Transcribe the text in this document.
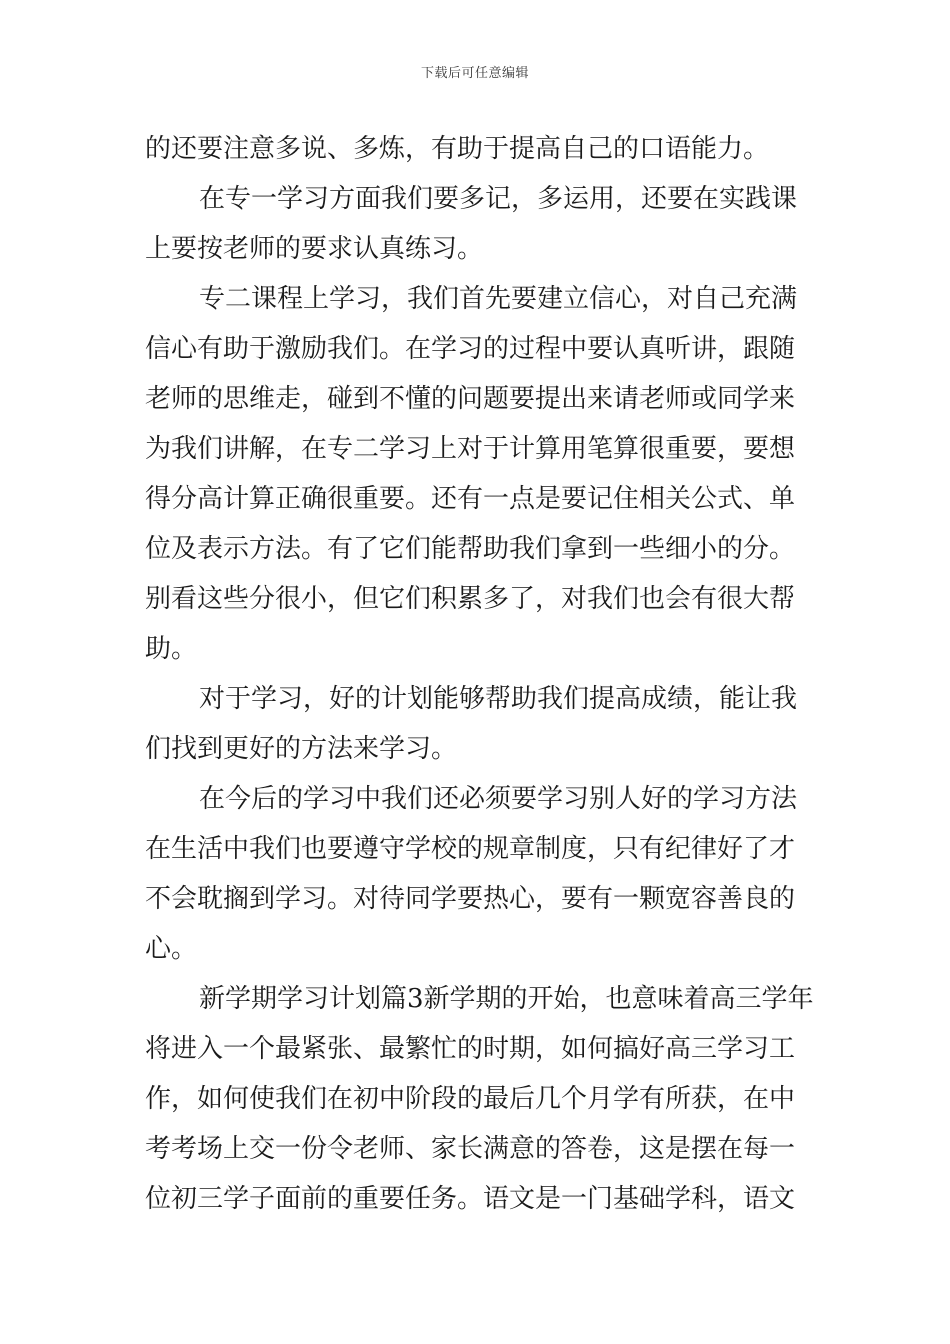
下载后可任意编辑
的还要注意多说、多炼，有助于提高自己的口语能力。
在专一学习方面我们要多记，多运用，还要在实践课
上要按老师的要求认真练习。
专二课程上学习，我们首先要建立信心，对自己充满
信心有助于激励我们。在学习的过程中要认真听讲，跟随
老师的思维走，碰到不懂的问题要提出来请老师或同学来
为我们讲解，在专二学习上对于计算用笔算很重要，要想
得分高计算正确很重要。还有一点是要记住相关公式、单
位及表示方法。有了它们能帮助我们拿到一些细小的分。
别看这些分很小，但它们积累多了，对我们也会有很大帮
助。
对于学习，好的计划能够帮助我们提高成绩，能让我
们找到更好的方法来学习。
在今后的学习中我们还必须要学习别人好的学习方法
在生活中我们也要遵守学校的规章制度，只有纪律好了才
不会耽搁到学习。对待同学要热心，要有一颗宽容善良的
心。
新学期学习计划篇3新学期的开始，也意味着高三学年
将进入一个最紧张、最繁忙的时期，如何搞好高三学习工
作，如何使我们在初中阶段的最后几个月学有所获，在中
考考场上交一份令老师、家长满意的答卷，这是摆在每一
位初三学子面前的重要任务。语文是一门基础学科，语文
